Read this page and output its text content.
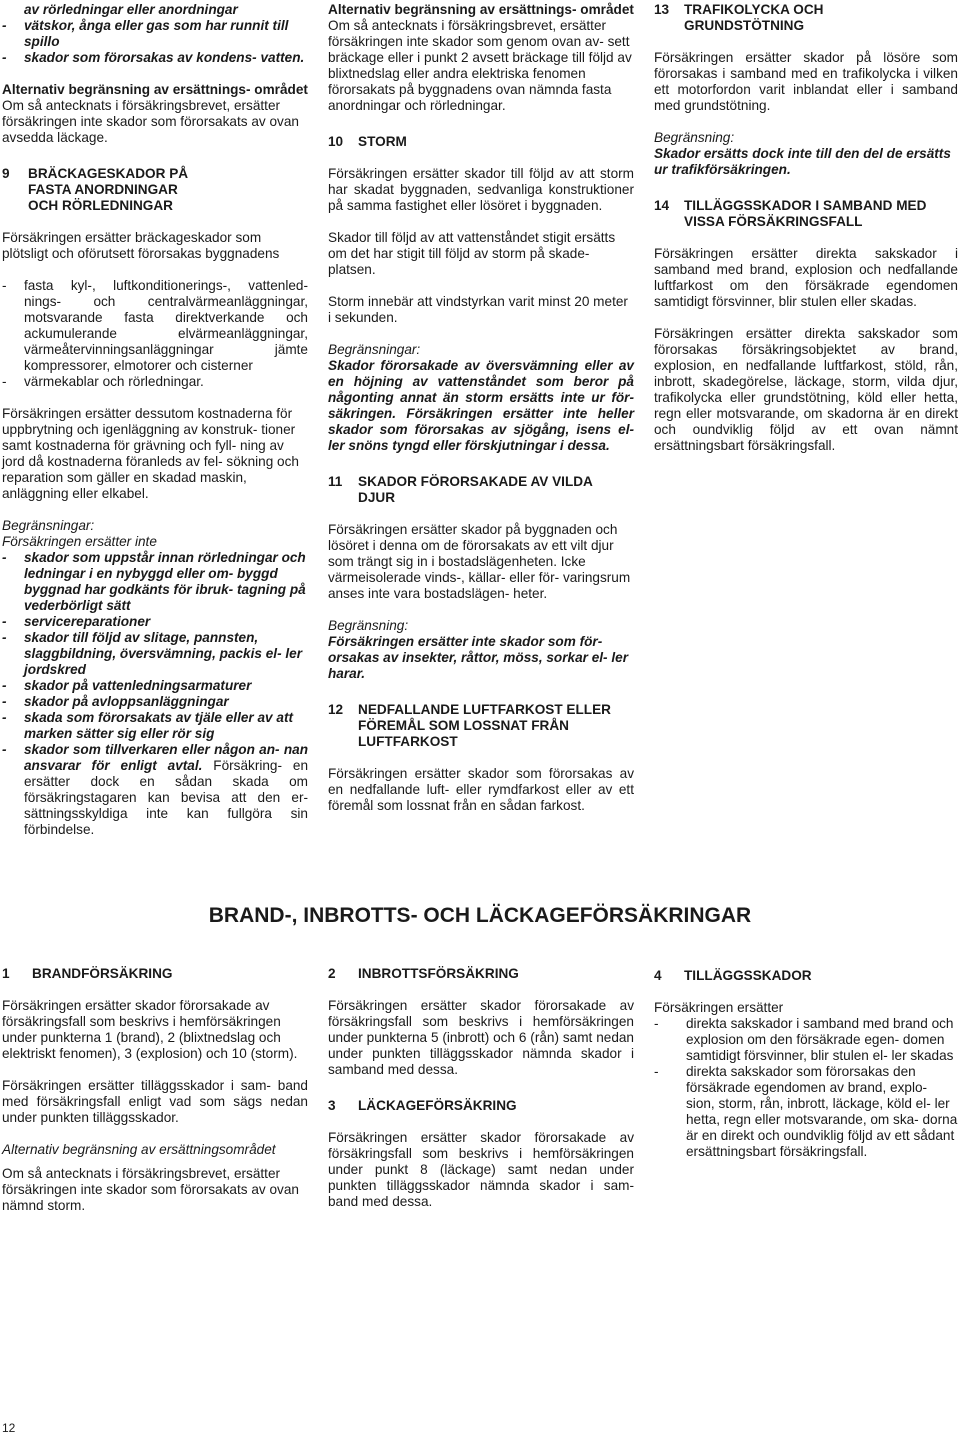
av rörledningar eller anordningar

-	vätskor, ånga eller gas som har runnit till spillo
-	skador som förorsakas av kondens- vatten.

Alternativ begränsning av ersättnings- området

Om så antecknats i försäkringsbrevet, ersätter försäkringen inte skador som förorsakats av ovan avsedda läckage.

9	BRÄCKAGESKADOR PÅ FASTA ANORDNINGAR OCH RÖRLEDNINGAR

Försäkringen ersätter bräckageskador som plötsligt och oförutsett förorsakas byggnadens

-	fasta kyl-, luftkonditionerings-, vattenled- nings- och centralvärmeanläggningar, motsvarande fasta direktverkande och ackumulerande elvärmeanläggningar, värmeåtervinningsanläggningar jämte kompressorer, elmotorer och cisterner
-	värmekablar och rörledningar.

Försäkringen ersätter dessutom kostnaderna för uppbrytning och igenläggning av konstruk- tioner samt kostnaderna för grävning och fyll- ning av jord då kostnaderna föranleds av fel- sökning och reparation som gäller en skadad maskin, anläggning eller elkabel.

Begränsningar:

Försäkringen ersätter inte

-	skador som uppstår innan rörledningar och ledningar i en nybyggd eller om- byggd byggnad har godkänts för ibruk- tagning på vederbörligt sätt
-	servicereparationer
-	skador till följd av slitage, pannsten, slaggbildning, översvämning, packis el- ler jordskred
-	skador på vattenledningsarmaturer
-	skador på avloppsanläggningar
-	skada som förorsakats av tjäle eller av att marken sätter sig eller rör sig
-	skador som tillverkaren eller någon an- nan ansvarar för enligt avtal. Försäkring- en ersätter dock en sådan skada om försäkringstagaren kan bevisa att den er- sättningsskyldiga inte kan fullgöra sin förbindelse.

Alternativ begränsning av ersättnings- området

Om så antecknats i försäkringsbrevet, ersätter försäkringen inte skador som genom ovan av- sett bräckage eller i punkt 2 avsett bräckage till följd av blixtnedslag eller andra elektriska fenomen förorsakats på byggnadens ovan nämnda fasta anordningar och rörledningar.

10 STORM

Försäkringen ersätter skador till följd av att storm har skadat byggnaden, sedvanliga konstruktioner på samma fastighet eller lösöret i byggnaden.

Skador till följd av att vattenståndet stigit ersätts om det har stigit till följd av storm på skade- platsen.

Storm innebär att vindstyrkan varit minst 20 meter i sekunden.

Begränsningar:

Skador förorsakade av översvämning eller av en höjning av vattenståndet som beror på någonting annat än storm ersätts inte ur för- säkringen. Försäkringen ersätter inte heller skador som förorsakas av sjögång, isens el- ler snöns tyngd eller förskjutningar i dessa.

11	SKADOR FÖRORSAKADE AV VILDA DJUR

Försäkringen ersätter skador på byggnaden och lösöret i denna om de förorsakats av ett vilt djur som trängt sig in i bostadslägenheten. Icke värmeisolerade vinds-, källar- eller för- varingsrum anses inte vara bostadslägen- heter.

Begränsning:

Försäkringen ersätter inte skador som för- orsakas av insekter, råttor, möss, sorkar el- ler harar.

12	NEDFALLANDE LUFTFARKOST ELLER FÖREMÅL SOM LOSSNAT FRÅN LUFTFARKOST

Försäkringen ersätter skador som förorsakas av en nedfallande luft- eller rymdfarkost eller av ett föremål som lossnat från en sådan farkost.

13	TRAFIKOLYCKA OCH GRUNDSTÖTNING

Försäkringen ersätter skador på lösöre som förorsakas i samband med en trafikolycka i vilken ett motorfordon varit inblandat eller i samband med grundstötning.

Begränsning:

Skador ersätts dock inte till den del de ersätts ur trafikförsäkringen.

14	TILLÄGGSSKADOR I SAMBAND MED VISSA FÖRSÄKRINGSFALL

Försäkringen ersätter direkta sakskador i samband med brand, explosion och nedfallande luftfarkost om den försäkrade egendomen samtidigt försvinner, blir stulen eller skadas.

Försäkringen ersätter direkta sakskador som förorsakas försäkringsobjektet av brand, explosion, en nedfallande luftfarkost, stöld, rån, inbrott, skadegörelse, läckage, storm, vilda djur, trafikolycka eller grundstötning, köld eller hetta, regn eller motsvarande, om skadorna är en direkt och oundviklig följd av ett ovan nämnt ersättningsbart försäkringsfall.

BRAND-, INBROTTS- OCH LÄCKAGEFÖRSÄKRINGAR
1 BRANDFÖRSÄKRING

Försäkringen ersätter skador förorsakade av försäkringsfall som beskrivs i hemförsäkringen under punkterna 1 (brand), 2 (blixtnedslag och elektriskt fenomen), 3 (explosion) och 10 (storm).

Försäkringen ersätter tilläggsskador i sam- band med försäkringsfall enligt vad som sägs nedan under punkten tilläggsskador.

Alternativ begränsning av ersättningsområdet

Om så antecknats i försäkringsbrevet, ersätter försäkringen inte skador som förorsakats av ovan nämnd storm.

2 INBROTTSFÖRSÄKRING

Försäkringen ersätter skador förorsakade av försäkringsfall som beskrivs i hemförsäkringen under punkterna 5 (inbrott) och 6 (rån) samt nedan under punkten tilläggsskador nämnda skador i samband med dessa.

3 LÄCKAGEFÖRSÄKRING

Försäkringen ersätter skador förorsakade av försäkringsfall som beskrivs i hemförsäkringen under punkt 8 (läckage) samt nedan under punkten tilläggsskador nämnda skador i sam- band med dessa.

4 TILLÄGGSSKADOR

Försäkringen ersätter

-	direkta sakskador i samband med brand och explosion om den försäkrade egen- domen samtidigt försvinner, blir stulen el- ler skadas
-	direkta sakskador som förorsakas den försäkrade egendomen av brand, explo- sion, storm, rån, inbrott, läckage, köld el- ler hetta, regn eller motsvarande, om ska- dorna är en direkt och oundviklig följd av ett sådant ersättningsbart försäkringsfall.

12
